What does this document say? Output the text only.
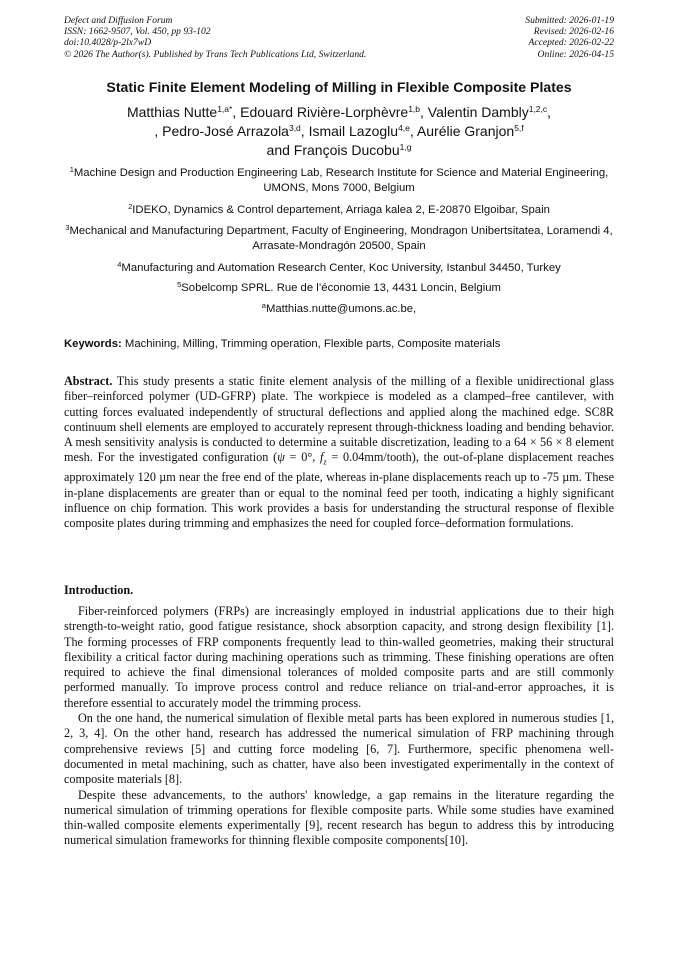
Defect and Diffusion Forum
ISSN: 1662-9507, Vol. 450, pp 93-102
doi:10.4028/p-2lx7wD
© 2026 The Author(s). Published by Trans Tech Publications Ltd, Switzerland.
Submitted: 2026-01-19
Revised: 2026-02-16
Accepted: 2026-02-22
Online: 2026-04-15
Static Finite Element Modeling of Milling in Flexible Composite Plates
Matthias Nutte$^{1,a*}$, Edouard Rivière-Lorphèvre$^{1,b}$, Valentin Dambly$^{1,2,c}$,
, Pedro-José Arrazola$^{3,d}$, Ismail Lazoglu$^{4,e}$, Aurélie Granjon$^{5,f}$
and François Ducobu$^{1,g}$
$^1$Machine Design and Production Engineering Lab, Research Institute for Science and Material Engineering, UMONS, Mons 7000, Belgium
$^2$IDEKO, Dynamics & Control departement, Arriaga kalea 2, E-20870 Elgoibar, Spain
$^3$Mechanical and Manufacturing Department, Faculty of Engineering, Mondragon Unibertsitatea, Loramendi 4, Arrasate-Mondragón 20500, Spain
$^4$Manufacturing and Automation Research Center, Koc University, Istanbul 34450, Turkey
$^5$Sobelcomp SPRL. Rue de l’économie 13, 4431 Loncin, Belgium
$^a$Matthias.nutte@umons.ac.be,
Keywords: Machining, Milling, Trimming operation, Flexible parts, Composite materials
Abstract. This study presents a static finite element analysis of the milling of a flexible unidirectional glass fiber–reinforced polymer (UD-GFRP) plate. The workpiece is modeled as a clamped–free cantilever, with cutting forces evaluated independently of structural deflections and applied along the machined edge. SC8R continuum shell elements are employed to accurately represent through-thickness loading and bending behavior. A mesh sensitivity analysis is conducted to determine a suitable discretization, leading to a 64 × 56 × 8 element mesh. For the investigated configuration (ψ = 0°, $f_z$ = 0.04mm/tooth), the out-of-plane displacement reaches approximately 120 µm near the free end of the plate, whereas in-plane displacements reach up to -75 µm. These in-plane displacements are greater than or equal to the nominal feed per tooth, indicating a highly significant influence on chip formation. This work provides a basis for understanding the structural response of flexible composite plates during trimming and emphasizes the need for coupled force–deformation formulations.
Introduction.

Fiber-reinforced polymers (FRPs) are increasingly employed in industrial applications due to their high strength-to-weight ratio, good fatigue resistance, shock absorption capacity, and strong design flexibility [1]. The forming processes of FRP components frequently lead to thin-walled geometries, making their structural flexibility a critical factor during machining operations such as trimming. These finishing operations are often required to achieve the final dimensional tolerances of molded composite parts and are still commonly performed manually. To improve process control and reduce reliance on trial-and-error approaches, it is therefore essential to accurately model the trimming process.

On the one hand, the numerical simulation of flexible metal parts has been explored in numerous studies [1, 2, 3, 4]. On the other hand, research has addressed the numerical simulation of FRP machining through comprehensive reviews [5] and cutting force modeling [6, 7]. Furthermore, specific phenomena well-documented in metal machining, such as chatter, have also been investigated experimentally in the context of composite materials [8].

Despite these advancements, to the authors' knowledge, a gap remains in the literature regarding the numerical simulation of trimming operations for flexible composite parts. While some studies have examined thin-walled composite elements experimentally [9], recent research has begun to address this by introducing numerical simulation frameworks for thinning flexible composite components[10].
